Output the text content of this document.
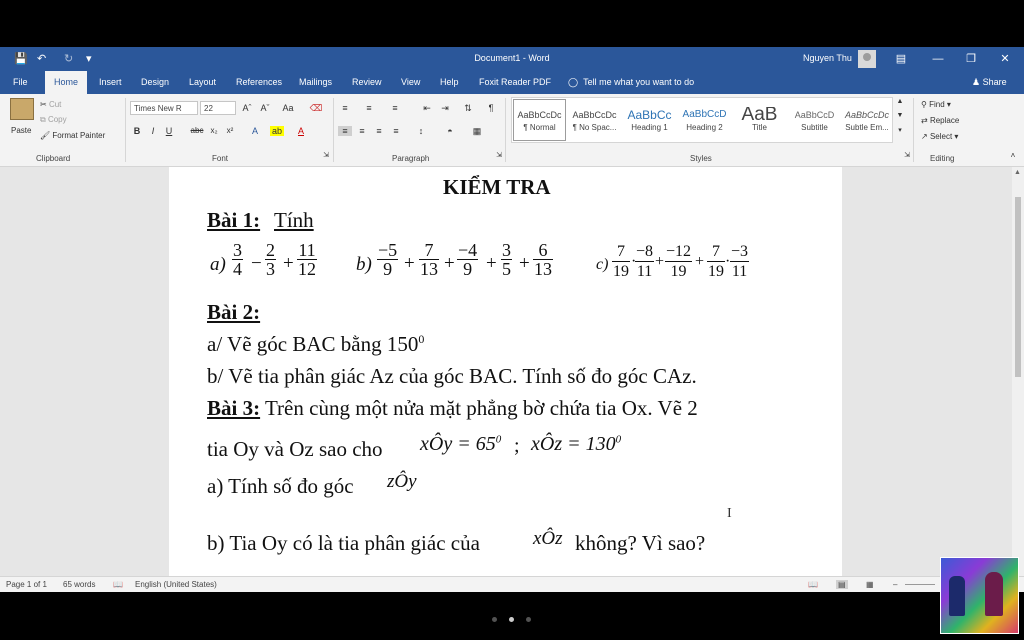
💾 ↶ ↻ ▾	Document1 - Word	Nguyen Thu	▤ — ❐	✕
File	Home	Insert Design Layout References Mailings Review View Help Foxit Reader PDF ◯ Tell me what you want to do	♟ Share
Paste
✂ Cut
⧉ Copy
🖌 Format Painter
Clipboard
Times New R	22	Aˆ Aˇ Aa ⌫
B	I	U	abc x₂	x²	A	ab	A
Font	⇲
≡	≡	≡	⇤	⇥	⇅	¶
≡	≡	≡	≡	↕	◓	▦
Paragraph	⇲
AaBbCcDc
¶ Normal
AaBbCcDc
¶ No Spac...
AaBbCc
Heading 1
AaBbCcD
Heading 2
AaB
Title
AaBbCcD
Subtitle
AaBbCcDc
Subtle Em...
▲
▼
▾
Styles	⇲
⚲ Find ▾
⇄ Replace
↗ Select ▾
Editing	˄
KIỂM TRA
Bài 1: Tính
$a) \frac{3}{4} - \frac{2}{3} + \frac{11}{12} b) \frac{-5}{9} + \frac{7}{13} + \frac{-4}{9} + \frac{3}{5} + \frac{6}{13}$	$c) \frac{7}{19}$ ·
$\frac{-8}{11} + \frac{-12}{19} + \frac{7}{19} \cdot \frac{-3}{11}$
Bài 2:
a/ Vẽ góc BAC bằng $150^0$
b/ Vẽ tia phân giác Az của góc BAC. Tính số đo góc CAz.
Bài 3: Trên cùng một nửa mặt phẳng bờ chứa tia Ox. Vẽ 2
tia Oy và Oz sao cho xÔy = $65^0$ ; xÔz = $130^0$
a) Tính số đo góc zÔy
b) Tia Oy có là tia phân giác của	xÔz không? Vì sao?
I
▲
Page 1 of 1 65 words 📖 English (United States)	📖	▤	▦ –
